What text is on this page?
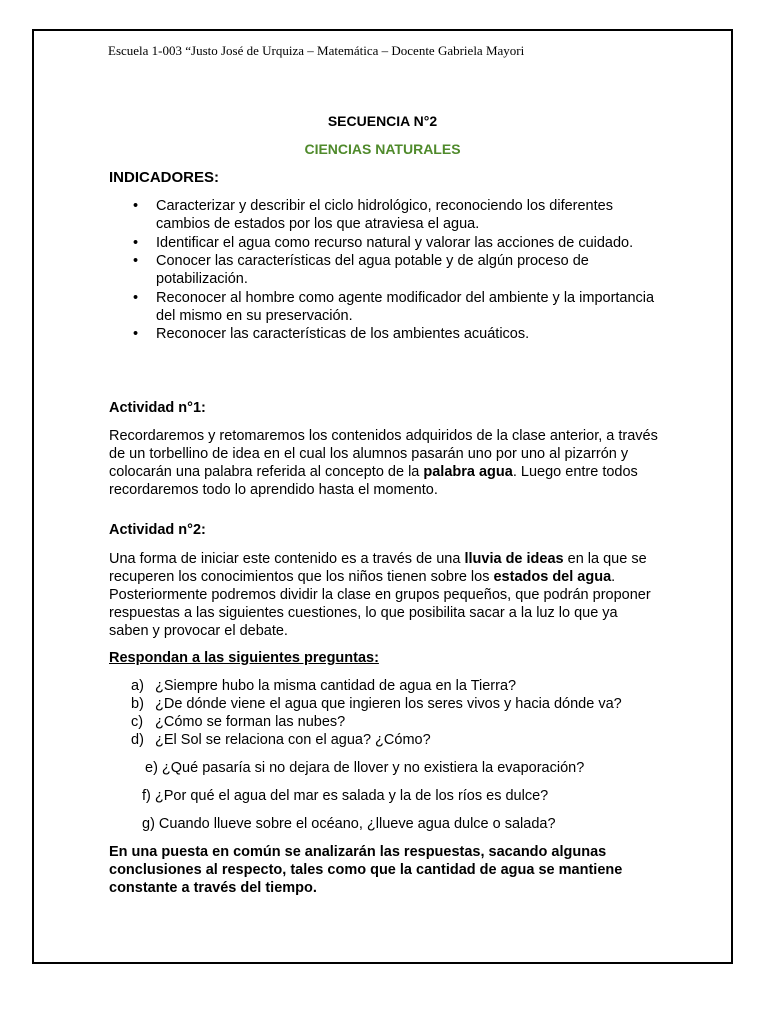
Escuela 1-003 “Justo José de Urquiza – Matemática – Docente Gabriela Mayori
SECUENCIA N°2
CIENCIAS NATURALES
INDICADORES:
• Caracterizar y describir el ciclo hidrológico, reconociendo los diferentes cambios de estados por los que atraviesa el agua.
• Identificar el agua como recurso natural y valorar las acciones de cuidado.
• Conocer las características del agua potable y de algún proceso de potabilización.
• Reconocer al hombre como agente modificador del ambiente y la importancia del mismo en su preservación.
• Reconocer las características de los ambientes acuáticos.
Actividad n°1:
Recordaremos y retomaremos los contenidos adquiridos de la clase anterior, a través de un torbellino de idea en el cual los alumnos pasarán uno por uno al pizarrón y colocarán una palabra referida al concepto de la palabra agua. Luego entre todos recordaremos todo lo aprendido hasta el momento.
Actividad n°2:
Una forma de iniciar este contenido es a través de una lluvia de ideas en la que se recuperen los conocimientos que los niños tienen sobre los estados del agua. Posteriormente podremos dividir la clase en grupos pequeños, que podrán proponer respuestas a las siguientes cuestiones, lo que posibilita sacar a la luz lo que ya saben y provocar el debate.
Respondan a las siguientes preguntas:
a) ¿Siempre hubo la misma cantidad de agua en la Tierra?
b) ¿De dónde viene el agua que ingieren los seres vivos y hacia dónde va?
c) ¿Cómo se forman las nubes?
d) ¿El Sol se relaciona con el agua? ¿Cómo?
e) ¿Qué pasaría si no dejara de llover y no existiera la evaporación?
f) ¿Por qué el agua del mar es salada y la de los ríos es dulce?
g) Cuando llueve sobre el océano, ¿llueve agua dulce o salada?
En una puesta en común se analizarán las respuestas, sacando algunas conclusiones al respecto, tales como que la cantidad de agua se mantiene constante a través del tiempo.
